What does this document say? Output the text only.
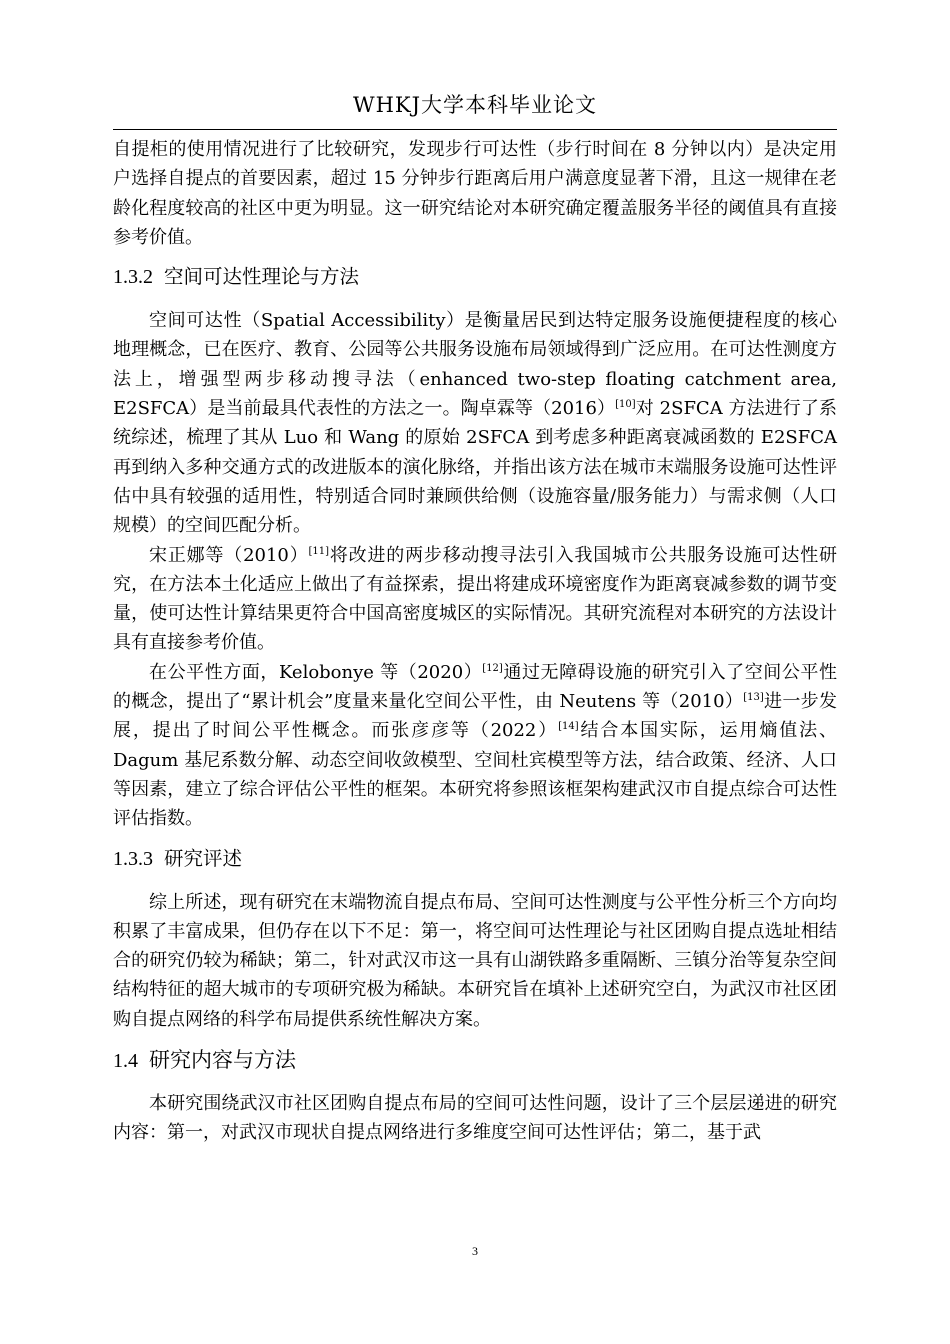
WHKJ大学本科毕业论文

自提柜的使用情况进行了比较研究，发现步行可达性（步行时间在 8 分钟以内）是决定用户选择自提点的首要因素，超过 15 分钟步行距离后用户满意度显著下滑，且这一规律在老龄化程度较高的社区中更为明显。这一研究结论对本研究确定覆盖服务半径的阈值具有直接参考价值。

1.3.2 空间可达性理论与方法

空间可达性（Spatial Accessibility）是衡量居民到达特定服务设施便捷程度的核心地理概念，已在医疗、教育、公园等公共服务设施布局领域得到广泛应用。在可达性测度方法上，增强型两步移动搜寻法（enhanced two-step floating catchment area, E2SFCA）是当前最具代表性的方法之一。陶卓霖等（2016）[10]对 2SFCA 方法进行了系统综述，梳理了其从 Luo 和 Wang 的原始 2SFCA 到考虑多种距离衰减函数的 E2SFCA 再到纳入多种交通方式的改进版本的演化脉络，并指出该方法在城市末端服务设施可达性评估中具有较强的适用性，特别适合同时兼顾供给侧（设施容量/服务能力）与需求侧（人口规模）的空间匹配分析。

宋正娜等（2010）[11]将改进的两步移动搜寻法引入我国城市公共服务设施可达性研究，在方法本土化适应上做出了有益探索，提出将建成环境密度作为距离衰减参数的调节变量，使可达性计算结果更符合中国高密度城区的实际情况。其研究流程对本研究的方法设计具有直接参考价值。

在公平性方面，Kelobonye 等（2020）[12]通过无障碍设施的研究引入了空间公平性的概念，提出了“累计机会”度量来量化空间公平性，由 Neutens 等（2010）[13]进一步发展，提出了时间公平性概念。而张彦彦等（2022）[14]结合本国实际，运用熵值法、Dagum 基尼系数分解、动态空间收敛模型、空间杜宾模型等方法，结合政策、经济、人口等因素，建立了综合评估公平性的框架。本研究将参照该框架构建武汉市自提点综合可达性评估指数。

1.3.3 研究评述

综上所述，现有研究在末端物流自提点布局、空间可达性测度与公平性分析三个方向均积累了丰富成果，但仍存在以下不足：第一，将空间可达性理论与社区团购自提点选址相结合的研究仍较为稀缺；第二，针对武汉市这一具有山湖铁路多重隔断、三镇分治等复杂空间结构特征的超大城市的专项研究极为稀缺。本研究旨在填补上述研究空白，为武汉市社区团购自提点网络的科学布局提供系统性解决方案。

1.4 研究内容与方法

本研究围绕武汉市社区团购自提点布局的空间可达性问题，设计了三个层层递进的研究内容：第一，对武汉市现状自提点网络进行多维度空间可达性评估；第二，基于武

3
